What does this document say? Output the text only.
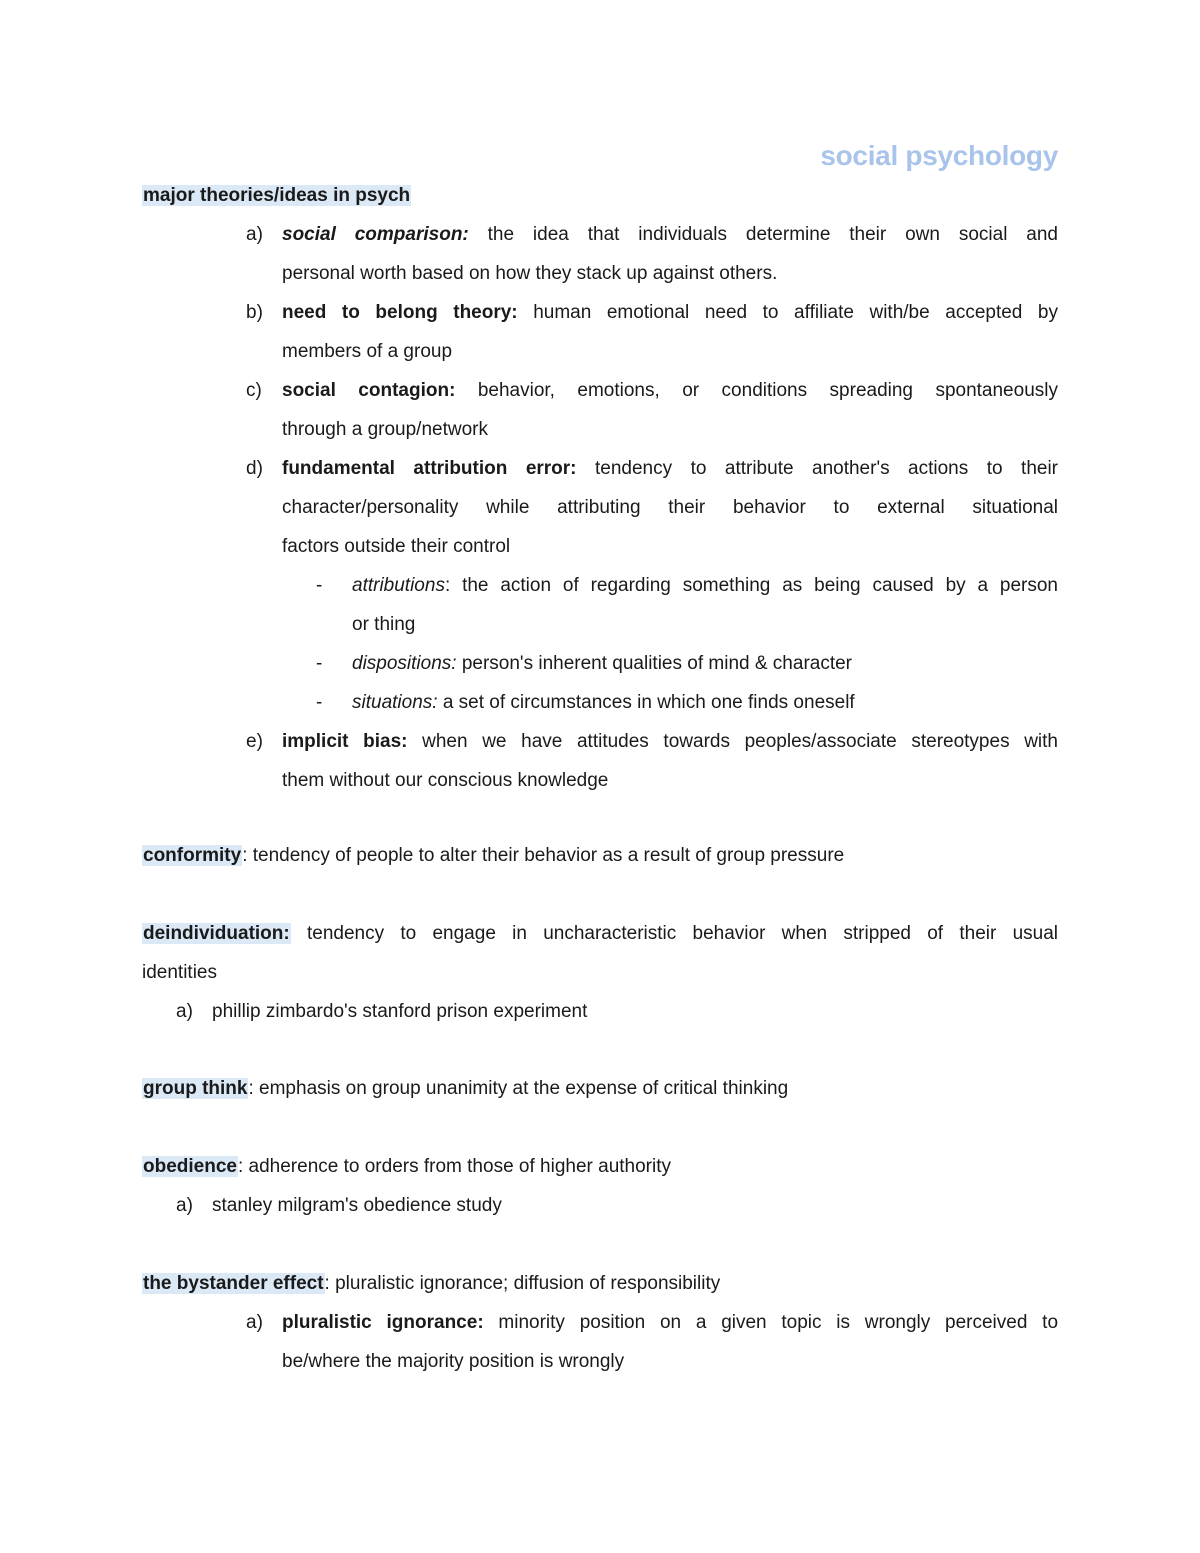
social psychology
major theories/ideas in psych
a) social comparison: the idea that individuals determine their own social and
personal worth based on how they stack up against others.
b) need to belong theory: human emotional need to affiliate with/be accepted by
members of a group
c) social contagion: behavior, emotions, or conditions spreading spontaneously
through a group/network
d) fundamental attribution error: tendency to attribute another's actions to their
character/personality while attributing their behavior to external situational
factors outside their control
- attributions: the action of regarding something as being caused by a person
or thing
- dispositions: person's inherent qualities of mind & character
- situations: a set of circumstances in which one finds oneself
e) implicit bias: when we have attitudes towards peoples/associate stereotypes with
them without our conscious knowledge
conformity: tendency of people to alter their behavior as a result of group pressure
deindividuation: tendency to engage in uncharacteristic behavior when stripped of their usual
identities
a) phillip zimbardo's stanford prison experiment
group think: emphasis on group unanimity at the expense of critical thinking
obedience: adherence to orders from those of higher authority
a) stanley milgram's obedience study
the bystander effect: pluralistic ignorance; diffusion of responsibility
a) pluralistic ignorance: minority position on a given topic is wrongly perceived to
be/where the majority position is wrongly
